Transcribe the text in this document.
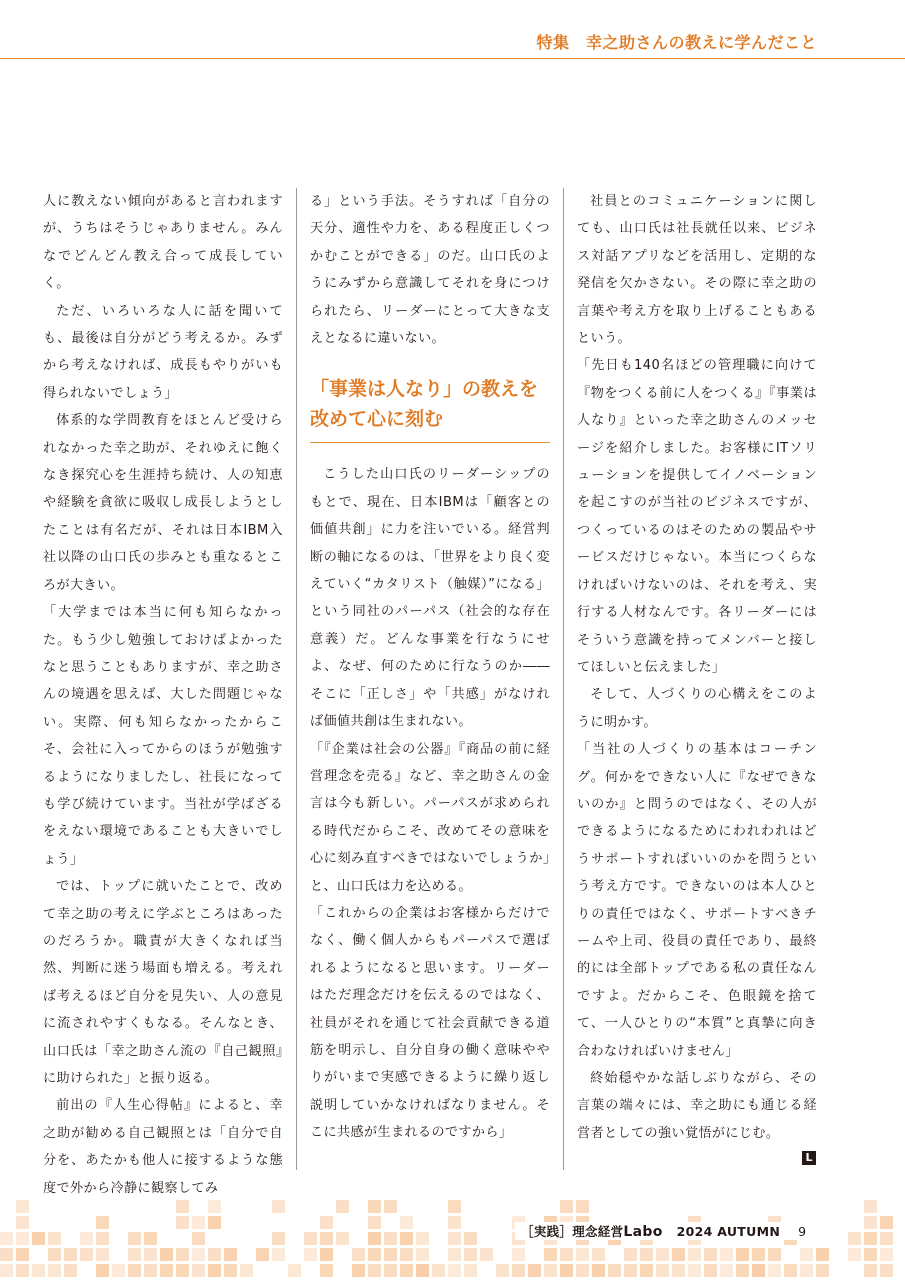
特集　幸之助さんの教えに学んだこと

人に教えない傾向があると言われますが、うちはそうじゃありません。みんなでどんどん教え合って成長していく。

ただ、いろいろな人に話を聞いても、最後は自分がどう考えるか。みずから考えなければ、成長もやりがいも得られないでしょう」

体系的な学問教育をほとんど受けられなかった幸之助が、それゆえに飽くなき探究心を生涯持ち続け、人の知恵や経験を貪欲に吸収し成長しようとしたことは有名だが、それは日本IBM入社以降の山口氏の歩みとも重なるところが大きい。

「大学までは本当に何も知らなかった。もう少し勉強しておけばよかったなと思うこともありますが、幸之助さんの境遇を思えば、大した問題じゃない。実際、何も知らなかったからこそ、会社に入ってからのほうが勉強するようになりましたし、社長になっても学び続けています。当社が学ばざるをえない環境であることも大きいでしょう」

では、トップに就いたことで、改めて幸之助の考えに学ぶところはあったのだろうか。職責が大きくなれば当然、判断に迷う場面も増える。考えれば考えるほど自分を見失い、人の意見に流されやすくもなる。そんなとき、山口氏は「幸之助さん流の『自己観照』に助けられた」と振り返る。

前出の『人生心得帖』によると、幸之助が勧める自己観照とは「自分で自分を、あたかも他人に接するような態度で外から冷静に観察してみ

る」という手法。そうすれば「自分の天分、適性や力を、ある程度正しくつかむことができる」のだ。山口氏のようにみずから意識してそれを身につけられたら、リーダーにとって大きな支えとなるに違いない。

「事業は人なり」の教えを改めて心に刻む

こうした山口氏のリーダーシップのもとで、現在、日本IBMは「顧客との価値共創」に力を注いでいる。経営判断の軸になるのは、「世界をより良く変えていく“カタリスト（触媒）”になる」という同社のパーパス（社会的な存在意義）だ。どんな事業を行なうにせよ、なぜ、何のために行なうのか――そこに「正しさ」や「共感」がなければ価値共創は生まれない。

「『企業は社会の公器』『商品の前に経営理念を売る』など、幸之助さんの金言は今も新しい。パーパスが求められる時代だからこそ、改めてその意味を心に刻み直すべきではないでしょうか」と、山口氏は力を込める。

「これからの企業はお客様からだけでなく、働く個人からもパーパスで選ばれるようになると思います。リーダーはただ理念だけを伝えるのではなく、社員がそれを通じて社会貢献できる道筋を明示し、自分自身の働く意味ややりがいまで実感できるように繰り返し説明していかなければなりません。そこに共感が生まれるのですから」

社員とのコミュニケーションに関しても、山口氏は社長就任以来、ビジネス対話アプリなどを活用し、定期的な発信を欠かさない。その際に幸之助の言葉や考え方を取り上げることもあるという。

「先日も140名ほどの管理職に向けて『物をつくる前に人をつくる』『事業は人なり』といった幸之助さんのメッセージを紹介しました。お客様にITソリューションを提供してイノベーションを起こすのが当社のビジネスですが、つくっているのはそのための製品やサービスだけじゃない。本当につくらなければいけないのは、それを考え、実行する人材なんです。各リーダーにはそういう意識を持ってメンバーと接してほしいと伝えました」

そして、人づくりの心構えをこのように明かす。

「当社の人づくりの基本はコーチング。何かをできない人に『なぜできないのか』と問うのではなく、その人ができるようになるためにわれわれはどうサポートすればいいのかを問うという考え方です。できないのは本人ひとりの責任ではなく、サポートすべきチームや上司、役員の責任であり、最終的には全部トップである私の責任なんですよ。だからこそ、色眼鏡を捨てて、一人ひとりの“本質”と真摯に向き合わなければいけません」

終始穏やかな話しぶりながら、その言葉の端々には、幸之助にも通じる経営者としての強い覚悟がにじむ。

L
［実践］理念経営Labo 2024 AUTUMN 9
